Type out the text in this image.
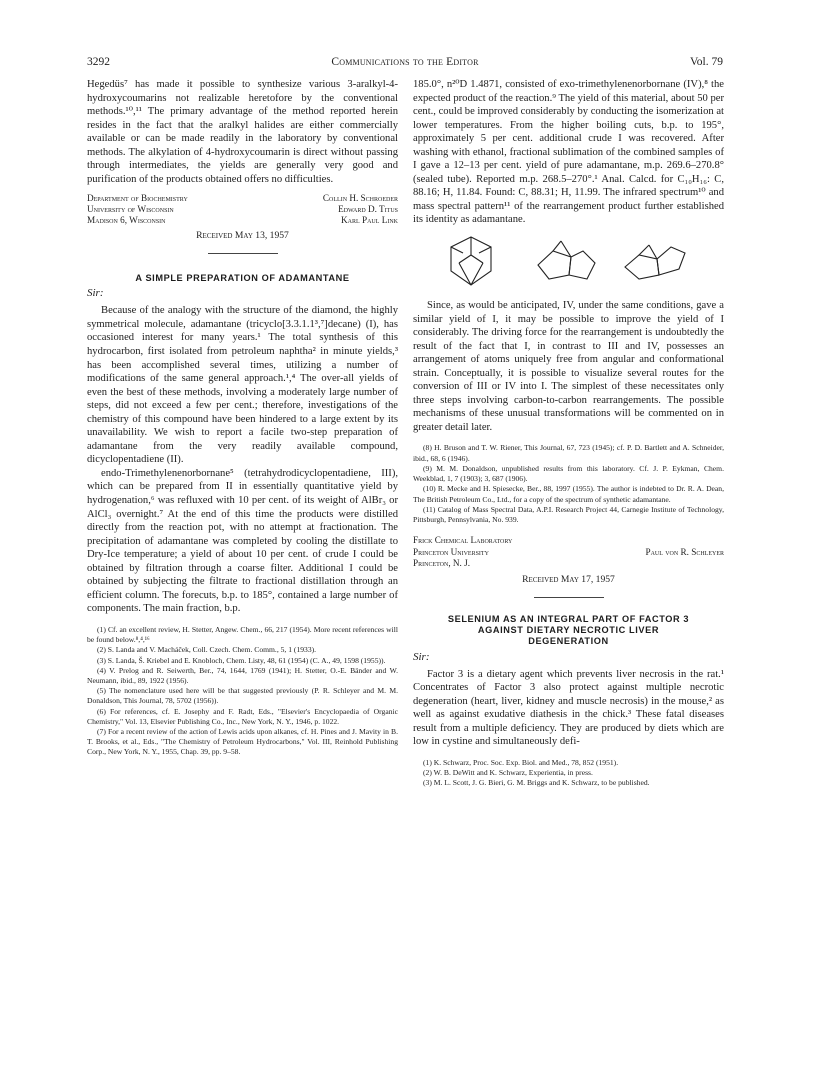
3292	Communications to the Editor	Vol. 79

Hegedüs⁷ has made it possible to synthesize various 3-aralkyl-4-hydroxycoumarins not realizable heretofore by the conventional methods.¹⁰,¹¹ The primary advantage of the method reported herein resides in the fact that the aralkyl halides are either commercially available or can be made readily in the laboratory by conventional methods. The alkylation of 4-hydroxycoumarin is direct without passing through intermediates, the yields are generally very good and purification of the products obtained offers no difficulties.

Department of Biochemistry	Collin H. Schroeder
University of Wisconsin	Edward D. Titus
Madison 6, Wisconsin	Karl Paul Link
Received May 13, 1957
A SIMPLE PREPARATION OF ADAMANTANE
Sir:

Because of the analogy with the structure of the diamond, the highly symmetrical molecule, adamantane (tricyclo[3.3.1.1³,⁷]decane) (I), has occasioned interest for many years.¹ The total synthesis of this hydrocarbon, first isolated from petroleum naphtha² in minute yields,³ has been accomplished several times, utilizing a number of modifications of the same general approach.¹,⁴ The over-all yields of even the best of these methods, involving a moderately large number of steps, did not exceed a few per cent.; therefore, investigations of the chemistry of this compound have been hindered to a large extent by its unavailability. We wish to report a facile two-step preparation of adamantane from the very readily available compound, dicyclopentadiene (II).

endo-Trimethylenenorbornane⁵ (tetrahydrodicyclopentadiene, III), which can be prepared from II in essentially quantitative yield by hydrogenation,⁶ was refluxed with 10 per cent. of its weight of AlBr₃ or AlCl₃ overnight.⁷ At the end of this time the products were distilled directly from the reaction pot, with no attempt at fractionation. The precipitation of adamantane was completed by cooling the distillate to Dry-Ice temperature; a yield of about 10 per cent. of crude I could be obtained by filtration through a coarse filter. Additional I could be obtained by subjecting the filtrate to fractional distillation through an efficient column. The forecuts, b.p. to 185°, contained a large number of components. The main fraction, b.p.

(1) Cf. an excellent review, H. Stetter, Angew. Chem., 66, 217 (1954). More recent references will be found below.⁸,⁴,¹⁶

(2) S. Landa and V. Macháček, Coll. Czech. Chem. Comm., 5, 1 (1933).

(3) S. Landa, Š. Kriebel and E. Knobloch, Chem. Listy, 48, 61 (1954) (C. A., 49, 1598 (1955)).

(4) V. Prelog and R. Seiwerth, Ber., 74, 1644, 1769 (1941); H. Stetter, O.-E. Bänder and W. Neumann, ibid., 89, 1922 (1956).

(5) The nomenclature used here will be that suggested previously (P. R. Schleyer and M. M. Donaldson, This Journal, 78, 5702 (1956)).

(6) For references, cf. E. Josephy and F. Radt, Eds., "Elsevier's Encyclopaedia of Organic Chemistry," Vol. 13, Elsevier Publishing Co., Inc., New York, N. Y., 1946, p. 1022.

(7) For a recent review of the action of Lewis acids upon alkanes, cf. H. Pines and J. Mavity in B. T. Brooks, et al., Eds., "The Chemistry of Petroleum Hydrocarbons," Vol. III, Reinhold Publishing Corp., New York, N. Y., 1955, Chap. 39, pp. 9–58.

185.0°, n²⁰D 1.4871, consisted of exo-trimethylenenorbornane (IV),⁸ the expected product of the reaction.⁹ The yield of this material, about 50 per cent., could be improved considerably by conducting the isomerization at lower temperatures. From the higher boiling cuts, b.p. to 195°, approximately 5 per cent. additional crude I was recovered. After washing with ethanol, fractional sublimation of the combined samples of I gave a 12–13 per cent. yield of pure adamantane, m.p. 269.6–270.8° (sealed tube). Reported m.p. 268.5–270°.¹ Anal. Calcd. for C₁₀H₁₆: C, 88.16; H, 11.84. Found: C, 88.31; H, 11.99. The infrared spectrum¹⁰ and mass spectral pattern¹¹ of the rearrangement product further established its identity as adamantane.

Since, as would be anticipated, IV, under the same conditions, gave a similar yield of I, it may be possible to improve the yield of I considerably. The driving force for the rearrangement is undoubtedly the result of the fact that I, in contrast to III and IV, possesses an arrangement of atoms uniquely free from angular and conformational strain. Conceptually, it is possible to visualize several routes for the conversion of III or IV into I. The simplest of these necessitates only three steps involving carbon-to-carbon rearrangements. The possible mechanisms of these unusual transformations will be commented on in greater detail later.

(8) H. Bruson and T. W. Riener, This Journal, 67, 723 (1945); cf. P. D. Bartlett and A. Schneider, ibid., 68, 6 (1946).

(9) M. M. Donaldson, unpublished results from this laboratory. Cf. J. P. Eykman, Chem. Weekblad, 1, 7 (1903); 3, 687 (1906).

(10) R. Mecke and H. Spiesecke, Ber., 88, 1997 (1955). The author is indebted to Dr. R. A. Dean, The British Petroleum Co., Ltd., for a copy of the spectrum of synthetic adamantane.

(11) Catalog of Mass Spectral Data, A.P.I. Research Project 44, Carnegie Institute of Technology, Pittsburgh, Pennsylvania, No. 939.

Frick Chemical Laboratory
Princeton University	Paul von R. Schleyer
Princeton, N. J.
Received May 17, 1957
SELENIUM AS AN INTEGRAL PART OF FACTOR 3
AGAINST DIETARY NECROTIC LIVER
DEGENERATION
Sir:

Factor 3 is a dietary agent which prevents liver necrosis in the rat.¹ Concentrates of Factor 3 also protect against multiple necrotic degeneration (heart, liver, kidney and muscle necrosis) in the mouse,² as well as against exudative diathesis in the chick.³ These fatal diseases result from a multiple deficiency. They are produced by diets which are low in cystine and simultaneously defi-

(1) K. Schwarz, Proc. Soc. Exp. Biol. and Med., 78, 852 (1951).

(2) W. B. DeWitt and K. Schwarz, Experientia, in press.

(3) M. L. Scott, J. G. Bieri, G. M. Briggs and K. Schwarz, to be published.
